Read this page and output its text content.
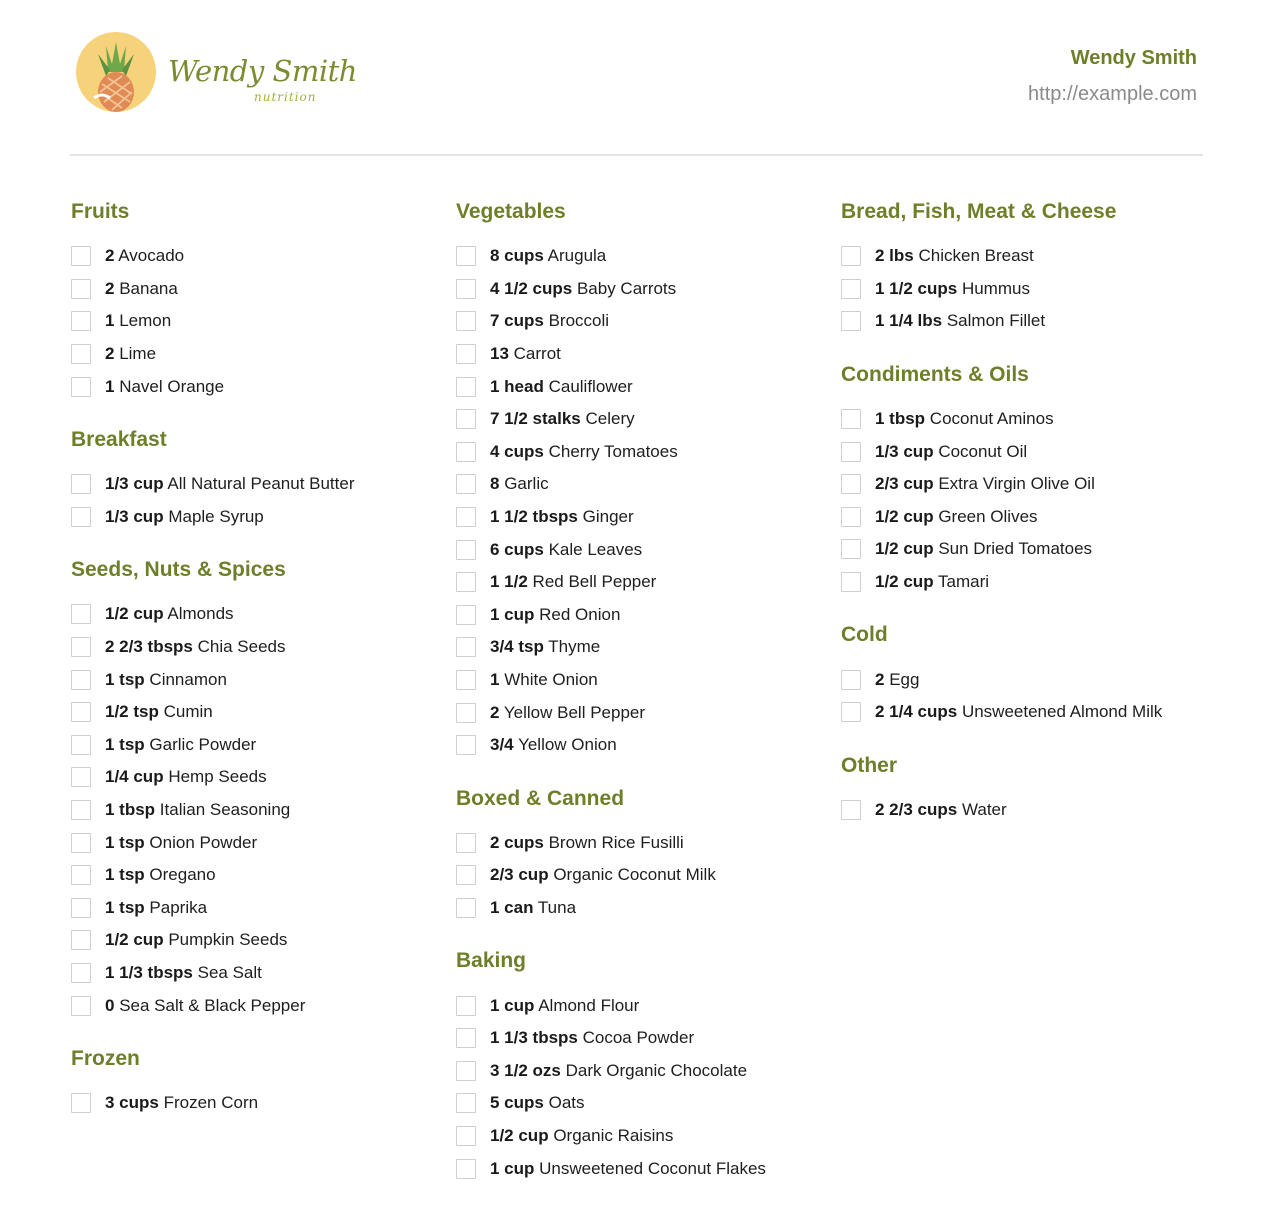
Wendy Smith
nutrition
Wendy Smith
http://example.com
Fruits
2 Avocado
2 Banana
1 Lemon
2 Lime
1 Navel Orange
Breakfast
1/3 cup All Natural Peanut Butter
1/3 cup Maple Syrup
Seeds, Nuts & Spices
1/2 cup Almonds
2 2/3 tbsps Chia Seeds
1 tsp Cinnamon
1/2 tsp Cumin
1 tsp Garlic Powder
1/4 cup Hemp Seeds
1 tbsp Italian Seasoning
1 tsp Onion Powder
1 tsp Oregano
1 tsp Paprika
1/2 cup Pumpkin Seeds
1 1/3 tbsps Sea Salt
0 Sea Salt & Black Pepper
Frozen
3 cups Frozen Corn
Vegetables
8 cups Arugula
4 1/2 cups Baby Carrots
7 cups Broccoli
13 Carrot
1 head Cauliflower
7 1/2 stalks Celery
4 cups Cherry Tomatoes
8 Garlic
1 1/2 tbsps Ginger
6 cups Kale Leaves
1 1/2 Red Bell Pepper
1 cup Red Onion
3/4 tsp Thyme
1 White Onion
2 Yellow Bell Pepper
3/4 Yellow Onion
Boxed & Canned
2 cups Brown Rice Fusilli
2/3 cup Organic Coconut Milk
1 can Tuna
Baking
1 cup Almond Flour
1 1/3 tbsps Cocoa Powder
3 1/2 ozs Dark Organic Chocolate
5 cups Oats
1/2 cup Organic Raisins
1 cup Unsweetened Coconut Flakes
Bread, Fish, Meat & Cheese
2 lbs Chicken Breast
1 1/2 cups Hummus
1 1/4 lbs Salmon Fillet
Condiments & Oils
1 tbsp Coconut Aminos
1/3 cup Coconut Oil
2/3 cup Extra Virgin Olive Oil
1/2 cup Green Olives
1/2 cup Sun Dried Tomatoes
1/2 cup Tamari
Cold
2 Egg
2 1/4 cups Unsweetened Almond Milk
Other
2 2/3 cups Water
